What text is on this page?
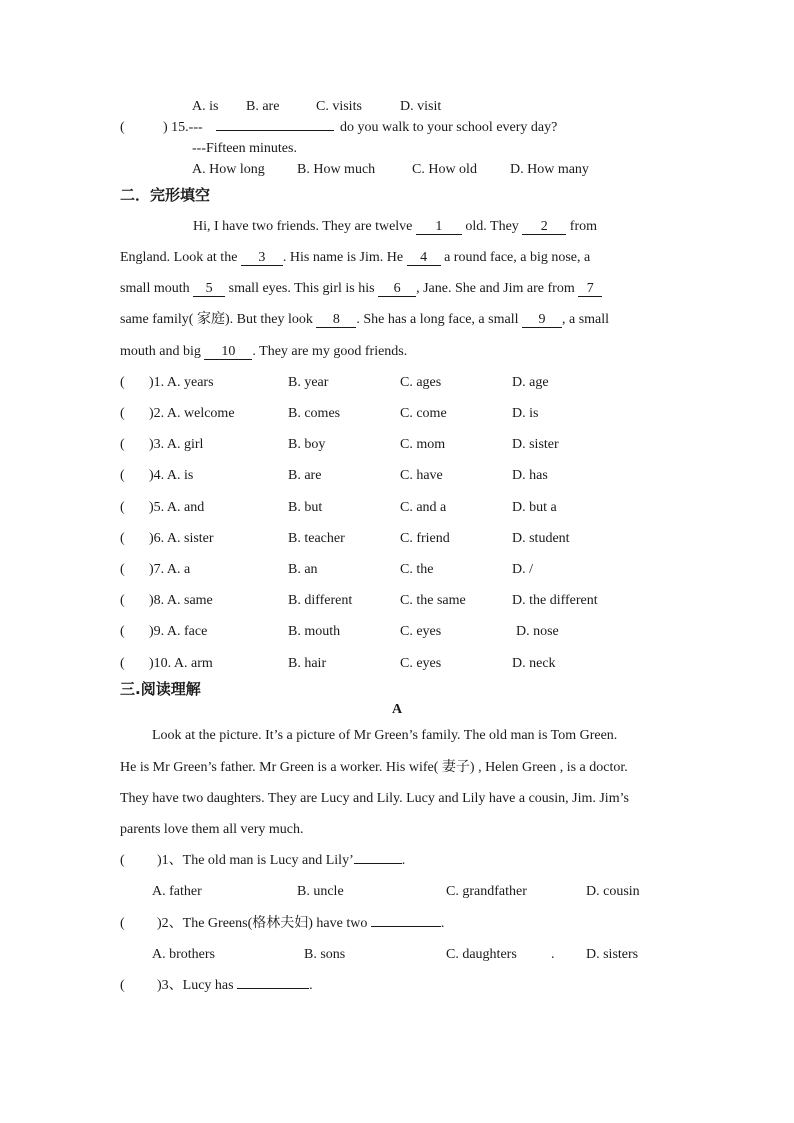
A. is B. are	C. visits	D. visit
(	) 15.---	do you walk to your school every day?
---Fifteen minutes.
A. How long B. How much	C. How old D. How many
二．完形填空
Hi, I have two friends. They are twelve 1 old. They 2 from
England. Look at the 3 . His name is Jim. He 4 a round face, a big nose, a
small mouth 5 small eyes. This girl is his 6 , Jane. She and Jim are from 7
same family( 家庭). But they look 8 . She has a long face, a small 9 , a small
mouth and big 10 . They are my good friends.
( )1. A. years	B. year	C. ages	D. age
( )2. A. welcome	B. comes	C. come	D. is
( )3. A. girl	B. boy	C. mom	D. sister
( )4. A. is	B. are	C. have	D. has
( )5. A. and	B. but	C. and a	D. but a
( )6. A. sister	B. teacher	C. friend	D. student
( )7. A. a	B. an	C. the	D. /
( )8. A. same	B. different	C. the same	D. the different
( )9. A. face	B. mouth	C. eyes	D. nose
( )10. A. arm	B. hair	C. eyes	D. neck
三.阅读理解
A
Look at the picture. It’s a picture of Mr Green’s family. The old man is Tom Green.
He is Mr Green’s father. Mr Green is a worker. His wife( 妻子) , Helen Green , is a doctor.
They have two daughters. They are Lucy and Lily. Lucy and Lily have a cousin, Jim. Jim’s
parents love them all very much.
( )1、The old man is Lucy and Lily’	.
A. father	B. uncle	C. grandfather	D. cousin
( )2、The Greens(格林夫妇) have two	.
A. brothers	B. sons	C. daughters . D. sisters
( )3、Lucy has	.
